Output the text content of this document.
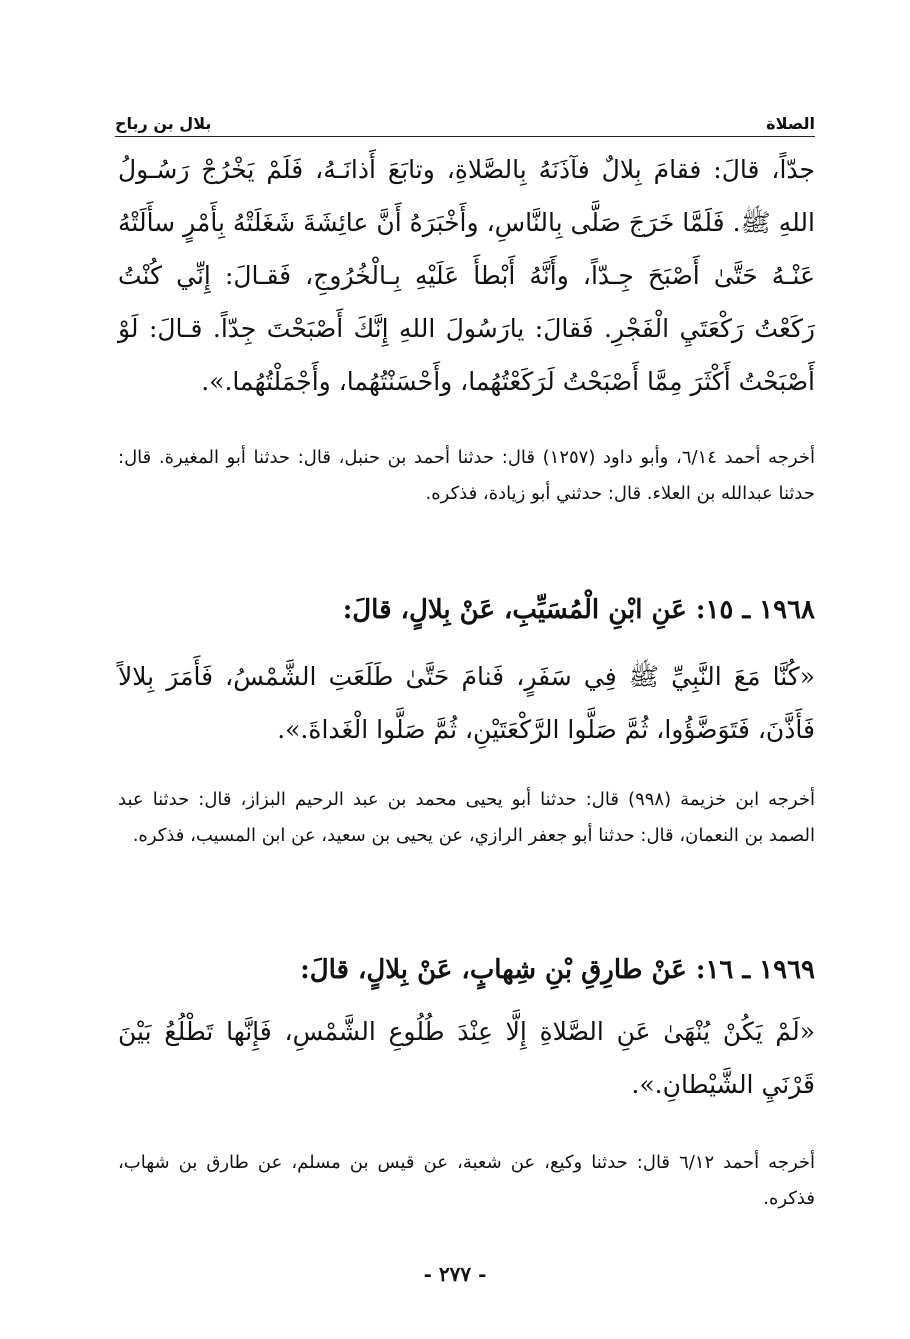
الصلاة
بلال بن رباح
جدّاً، قالَ: فقامَ بِلالٌ فآذَنَهُ بِالصَّلاةِ، وتابَعَ أَذانَـهُ، فَلَمْ يَخْرُجْ رَسُـولُ اللهِ ﷺ. فَلَمَّا خَرَجَ صَلَّى بِالنَّاسِ، وأَخْبَرَهُ أَنَّ عائِشَةَ شَغَلَتْهُ بِأَمْرٍ سأَلَتْهُ عَنْـهُ حَتَّىٰ أَصْبَحَ جِـدّاً، وأَنَّهُ أَبْطأَ عَلَيْهِ بِـالْخُرُوجِ، فَقـالَ: إِنِّي كُنْتُ رَكَعْتُ رَكْعَتَيِ الْفَجْرِ. فَقالَ: يارَسُولَ اللهِ إِنَّكَ أَصْبَحْتَ جِدّاً. قـالَ: لَوْ أَصْبَحْتُ أَكْثَرَ مِمَّا أَصْبَحْتُ لَرَكَعْتُهُما، وأَحْسَنْتُهُما، وأَجْمَلْتُهُما.».
أخرجه أحمد ٦/١٤، وأبو داود (١٢٥٧) قال: حدثنا أحمد بن حنبل، قال: حدثنا أبو المغيرة. قال: حدثنا عبدالله بن العلاء. قال: حدثني أبو زيادة، فذكره.
١٩٦٨ ـ ١٥: عَنِ ابْنِ الْمُسَيِّبِ، عَنْ بِلالٍ، قالَ:
«كُنَّا مَعَ النَّبِيِّ ﷺ فِي سَفَرٍ، فَنامَ حَتَّىٰ طَلَعَتِ الشَّمْسُ، فَأَمَرَ بِلالاً فَأَذَّنَ، فَتَوَضَّؤُوا، ثُمَّ صَلَّوا الرَّكْعَتَيْنِ، ثُمَّ صَلَّوا الْغَداةَ.».
أخرجه ابن خزيمة (٩٩٨) قال: حدثنا أبو يحيى محمد بن عبد الرحيم البزاز، قال: حدثنا عبد الصمد بن النعمان، قال: حدثنا أبو جعفر الرازي، عن يحيى بن سعيد، عن ابن المسيب، فذكره.
١٩٦٩ ـ ١٦: عَنْ طارِقِ بْنِ شِهابٍ، عَنْ بِلالٍ، قالَ:
«لَمْ يَكُنْ يُنْهَىٰ عَنِ الصَّلاةِ إِلَّا عِنْدَ طُلُوعِ الشَّمْسِ، فَإِنَّها تَطْلُعُ بَيْنَ قَرْنَيِ الشَّيْطانِ.».
أخرجه أحمد ٦/١٢ قال: حدثنا وكيع، عن شعبة، عن قيس بن مسلم، عن طارق بن شهاب، فذكره.
- ٢٧٧ -
